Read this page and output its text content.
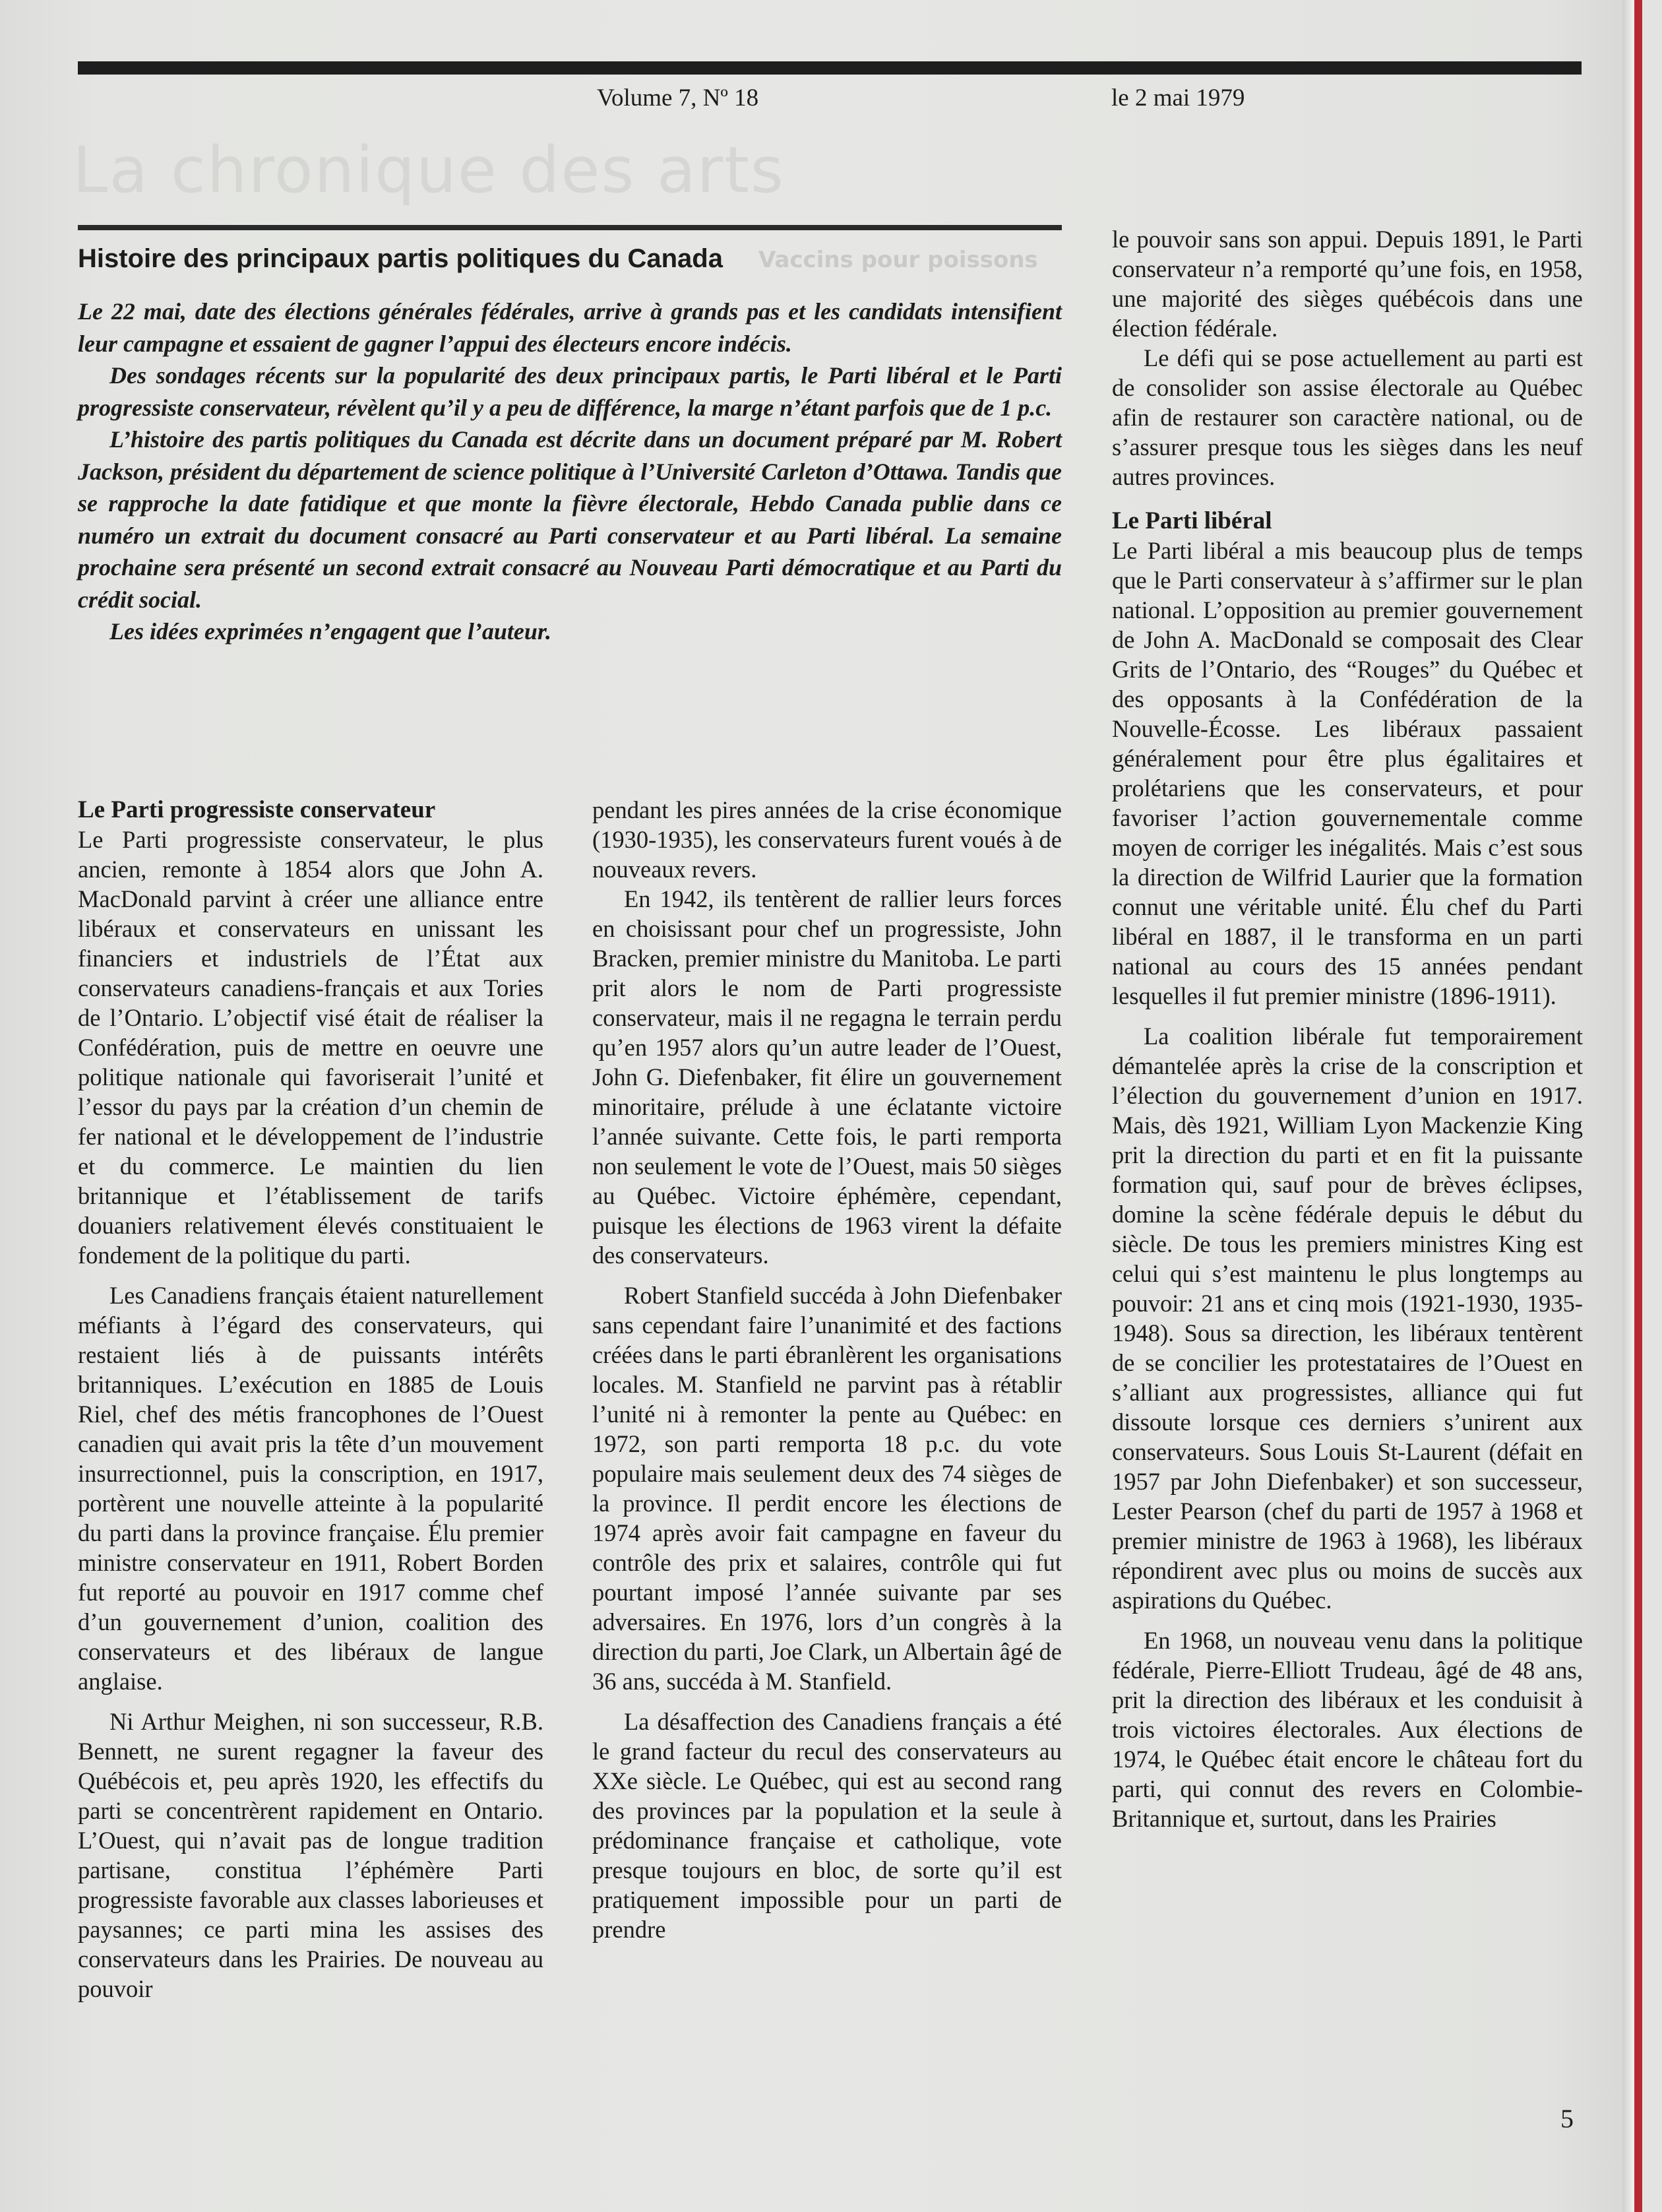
La chronique des arts
Vaccins pour poissons
Volume 7, Nº 18	le 2 mai 1979
Histoire des principaux partis politiques du Canada

Le 22 mai, date des élections générales fédérales, arrive à grands pas et les candidats intensifient leur campagne et essaient de gagner l’appui des électeurs encore indécis.

Des sondages récents sur la popularité des deux principaux partis, le Parti libéral et le Parti progressiste conservateur, révèlent qu’il y a peu de différence, la marge n’étant parfois que de 1 p.c.

L’histoire des partis politiques du Canada est décrite dans un document préparé par M. Robert Jackson, président du département de science politique à l’Université Carleton d’Ottawa. Tandis que se rapproche la date fatidique et que monte la fièvre électorale, Hebdo Canada publie dans ce numéro un extrait du document consacré au Parti conservateur et au Parti libéral. La semaine prochaine sera présenté un second extrait consacré au Nouveau Parti démocratique et au Parti du crédit social.

Les idées exprimées n’engagent que l’auteur.

Le Parti progressiste conservateur

Le Parti progressiste conservateur, le plus ancien, remonte à 1854 alors que John A. MacDonald parvint à créer une alliance entre libéraux et conservateurs en unissant les financiers et industriels de l’État aux conservateurs canadiens-français et aux Tories de l’Ontario. L’objectif visé était de réaliser la Confédération, puis de mettre en oeuvre une politique nationale qui favoriserait l’unité et l’essor du pays par la création d’un chemin de fer national et le développement de l’industrie et du commerce. Le maintien du lien britannique et l’établissement de tarifs douaniers relativement élevés constituaient le fondement de la politique du parti.

Les Canadiens français étaient naturellement méfiants à l’égard des conservateurs, qui restaient liés à de puissants intérêts britanniques. L’exécution en 1885 de Louis Riel, chef des métis francophones de l’Ouest canadien qui avait pris la tête d’un mouvement insurrectionnel, puis la conscription, en 1917, portèrent une nouvelle atteinte à la popularité du parti dans la province française. Élu premier ministre conservateur en 1911, Robert Borden fut reporté au pouvoir en 1917 comme chef d’un gouvernement d’union, coalition des conservateurs et des libéraux de langue anglaise.

Ni Arthur Meighen, ni son successeur, R.B. Bennett, ne surent regagner la faveur des Québécois et, peu après 1920, les effectifs du parti se concentrèrent rapidement en Ontario. L’Ouest, qui n’avait pas de longue tradition partisane, constitua l’éphémère Parti progressiste favorable aux classes laborieuses et paysannes; ce parti mina les assises des conservateurs dans les Prairies. De nouveau au pouvoir

pendant les pires années de la crise économique (1930-1935), les conservateurs furent voués à de nouveaux revers.

En 1942, ils tentèrent de rallier leurs forces en choisissant pour chef un progressiste, John Bracken, premier ministre du Manitoba. Le parti prit alors le nom de Parti progressiste conservateur, mais il ne regagna le terrain perdu qu’en 1957 alors qu’un autre leader de l’Ouest, John G. Diefenbaker, fit élire un gouvernement minoritaire, prélude à une éclatante victoire l’année suivante. Cette fois, le parti remporta non seulement le vote de l’Ouest, mais 50 sièges au Québec. Victoire éphémère, cependant, puisque les élections de 1963 virent la défaite des conservateurs.

Robert Stanfield succéda à John Diefenbaker sans cependant faire l’unanimité et des factions créées dans le parti ébranlèrent les organisations locales. M. Stanfield ne parvint pas à rétablir l’unité ni à remonter la pente au Québec: en 1972, son parti remporta 18 p.c. du vote populaire mais seulement deux des 74 sièges de la province. Il perdit encore les élections de 1974 après avoir fait campagne en faveur du contrôle des prix et salaires, contrôle qui fut pourtant imposé l’année suivante par ses adversaires. En 1976, lors d’un congrès à la direction du parti, Joe Clark, un Albertain âgé de 36 ans, succéda à M. Stanfield.

La désaffection des Canadiens français a été le grand facteur du recul des conservateurs au XXe siècle. Le Québec, qui est au second rang des provinces par la population et la seule à prédominance française et catholique, vote presque toujours en bloc, de sorte qu’il est pratiquement impossible pour un parti de prendre

le pouvoir sans son appui. Depuis 1891, le Parti conservateur n’a remporté qu’une fois, en 1958, une majorité des sièges québécois dans une élection fédérale.

Le défi qui se pose actuellement au parti est de consolider son assise électorale au Québec afin de restaurer son caractère national, ou de s’assurer presque tous les sièges dans les neuf autres provinces.

Le Parti libéral

Le Parti libéral a mis beaucoup plus de temps que le Parti conservateur à s’affirmer sur le plan national. L’opposition au premier gouvernement de John A. MacDonald se composait des Clear Grits de l’Ontario, des “Rouges” du Québec et des opposants à la Confédération de la Nouvelle-Écosse. Les libéraux passaient généralement pour être plus égalitaires et prolétariens que les conservateurs, et pour favoriser l’action gouvernementale comme moyen de corriger les inégalités. Mais c’est sous la direction de Wilfrid Laurier que la formation connut une véritable unité. Élu chef du Parti libéral en 1887, il le transforma en un parti national au cours des 15 années pendant lesquelles il fut premier ministre (1896-1911).

La coalition libérale fut temporairement démantelée après la crise de la conscription et l’élection du gouvernement d’union en 1917. Mais, dès 1921, William Lyon Mackenzie King prit la direction du parti et en fit la puissante formation qui, sauf pour de brèves éclipses, domine la scène fédérale depuis le début du siècle. De tous les premiers ministres King est celui qui s’est maintenu le plus longtemps au pouvoir: 21 ans et cinq mois (1921-1930, 1935-1948). Sous sa direction, les libéraux tentèrent de se concilier les protestataires de l’Ouest en s’alliant aux progressistes, alliance qui fut dissoute lorsque ces derniers s’unirent aux conservateurs. Sous Louis St-Laurent (défait en 1957 par John Diefenbaker) et son successeur, Lester Pearson (chef du parti de 1957 à 1968 et premier ministre de 1963 à 1968), les libéraux répondirent avec plus ou moins de succès aux aspirations du Québec.

En 1968, un nouveau venu dans la politique fédérale, Pierre-Elliott Trudeau, âgé de 48 ans, prit la direction des libéraux et les conduisit à trois victoires électorales. Aux élections de 1974, le Québec était encore le château fort du parti, qui connut des revers en Colombie-Britannique et, surtout, dans les Prairies

5
